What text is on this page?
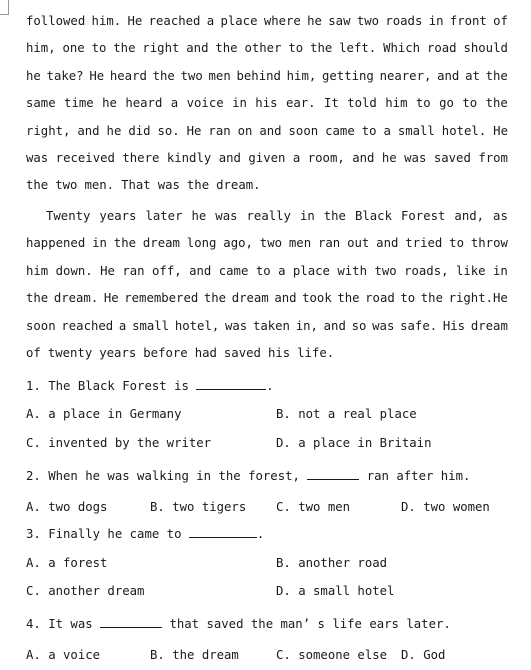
followed him. He reached a place where he saw two roads in front of
him, one to the right and the other to the left. Which road should
he take? He heard the two men behind him, getting nearer, and at the
same time he heard a voice in his ear. It told him to go to the
right, and he did so. He ran on and soon came to a small hotel. He
was received there kindly and given a room, and he was saved from
the two men. That was the dream.
Twenty years later he was really in the Black Forest and, as
happened in the dream long ago, two men ran out and tried to throw
him down. He ran off, and came to a place with two roads, like in
the dream. He remembered the dream and took the road to the right.He
soon reached a small hotel, was taken in, and so was safe. His dream
of twenty years before had saved his life.
1. The Black Forest is	.
A. a place in Germany	B. not a real place
C. invented by the writer	D. a place in Britain
2. When he was walking in the forest,	ran after him.
A. two dogs	B. two tigers C. two men	D. two women
3. Finally he came to	.
A. a forest	B. another road
C. another dream	D. a small hotel
4. It was	that saved the man’ s life ears later.
A. a voice	B. the dream	C. someone else D. God
